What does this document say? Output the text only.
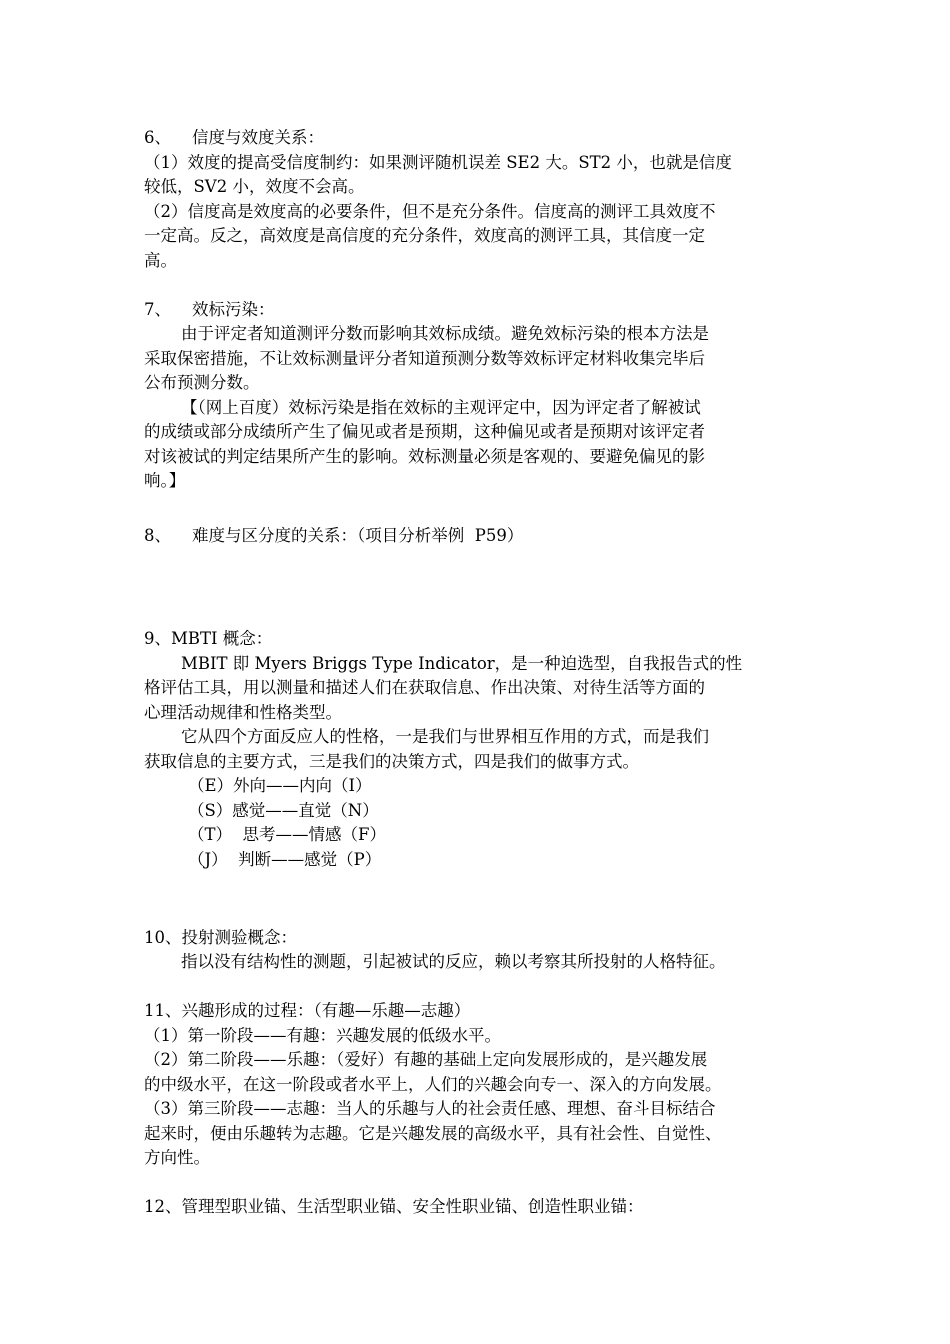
6、    信度与效度关系：
（1）效度的提高受信度制约：如果测评随机误差 SE2 大。ST2 小，也就是信度
较低，SV2 小，效度不会高。
（2）信度高是效度高的必要条件，但不是充分条件。信度高的测评工具效度不
一定高。反之，高效度是高信度的充分条件，效度高的测评工具，其信度一定
高。
7、    效标污染：
由于评定者知道测评分数而影响其效标成绩。避免效标污染的根本方法是
采取保密措施，不让效标测量评分者知道预测分数等效标评定材料收集完毕后
公布预测分数。
【（网上百度）效标污染是指在效标的主观评定中，因为评定者了解被试
的成绩或部分成绩所产生了偏见或者是预期，这种偏见或者是预期对该评定者
对该被试的判定结果所产生的影响。效标测量必须是客观的、要避免偏见的影
响。】
8、    难度与区分度的关系：（项目分析举例  P59）
9、MBTI 概念：
MBIT 即 Myers Briggs Type Indicator，是一种迫选型，自我报告式的性
格评估工具，用以测量和描述人们在获取信息、作出决策、对待生活等方面的
心理活动规律和性格类型。
它从四个方面反应人的性格，一是我们与世界相互作用的方式，而是我们
获取信息的主要方式，三是我们的决策方式，四是我们的做事方式。
（E）外向——内向（I）
（S）感觉——直觉（N）
（T）  思考——情感（F）
（J）  判断——感觉（P）
10、投射测验概念：
指以没有结构性的测题，引起被试的反应，赖以考察其所投射的人格特征。
11、兴趣形成的过程：（有趣—乐趣—志趣）
（1）第一阶段——有趣：兴趣发展的低级水平。
（2）第二阶段——乐趣：（爱好）有趣的基础上定向发展形成的，是兴趣发展
的中级水平，在这一阶段或者水平上，人们的兴趣会向专一、深入的方向发展。
（3）第三阶段——志趣：当人的乐趣与人的社会责任感、理想、奋斗目标结合
起来时，便由乐趣转为志趣。它是兴趣发展的高级水平，具有社会性、自觉性、
方向性。
12、管理型职业锚、生活型职业锚、安全性职业锚、创造性职业锚：
